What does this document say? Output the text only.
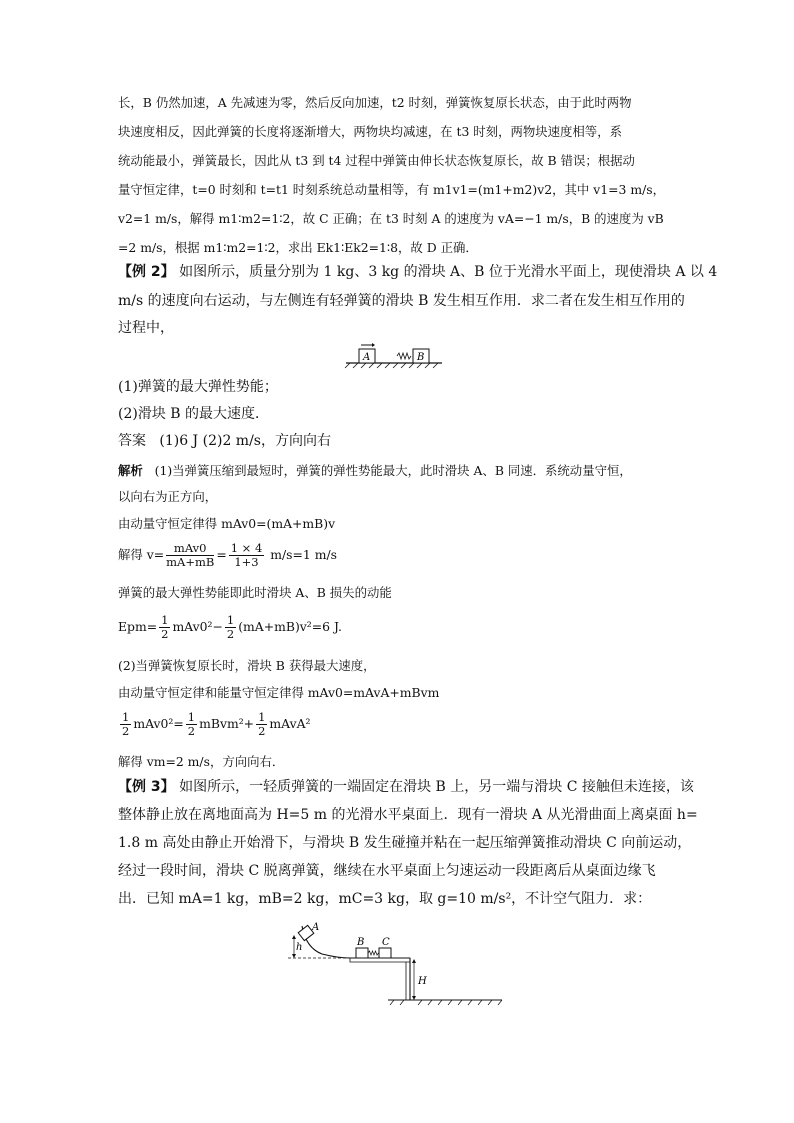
长，B 仍然加速，A 先减速为零，然后反向加速，t2 时刻，弹簧恢复原长状态，由于此时两物
块速度相反，因此弹簧的长度将逐渐增大，两物块均减速，在 t3 时刻，两物块速度相等，系
统动能最小，弹簧最长，因此从 t3 到 t4 过程中弹簧由伸长状态恢复原长，故 B 错误；根据动
量守恒定律，t=0 时刻和 t=t1 时刻系统总动量相等，有 m1v1=(m1+m2)v2，其中 v1=3 m/s，
v2=1 m/s，解得 m1∶m2=1∶2，故 C 正确；在 t3 时刻 A 的速度为 vA=−1 m/s，B 的速度为 vB
=2 m/s，根据 m1∶m2=1∶2，求出 Ek1∶Ek2=1∶8，故 D 正确．
【例 2】 如图所示，质量分别为 1 kg、3 kg 的滑块 A、B 位于光滑水平面上，现使滑块 A 以 4
m/s 的速度向右运动，与左侧连有轻弹簧的滑块 B 发生相互作用．求二者在发生相互作用的
过程中，
A	B
(1)弹簧的最大弹性势能；
(2)滑块 B 的最大速度．
答案 (1)6 J (2)2 m/s，方向向右
解析 (1)当弹簧压缩到最短时，弹簧的弹性势能最大，此时滑块 A、B 同速．系统动量守恒，
以向右为正方向，
由动量守恒定律得 mAv0=(mA+mB)v
解得 $v= \frac{\text{mAv0}}{mA+mB} = \frac{1 \times 4}{1+3} m/s=1$ m/s
弹簧的最大弹性势能即此时滑块 A、B 损失的动能
$Epm= \frac{1}{2} mAv0^2- \frac{1}{2} (mA+mB)v^2=6$ J.
(2)当弹簧恢复原长时，滑块 B 获得最大速度，
由动量守恒定律和能量守恒定律得 mAv0=mAvA+mBvm
$\frac{1}{2} mAv0^2= \frac{1}{2}$ mBvm²+ $\frac{1}{2}$ mAvA²
解得 vm=2 m/s，方向向右．
【例 3】 如图所示，一轻质弹簧的一端固定在滑块 B 上，另一端与滑块 C 接触但未连接，该
整体静止放在离地面高为 H=5 m 的光滑水平桌面上．现有一滑块 A 从光滑曲面上离桌面 h=
1.8 m 高处由静止开始滑下，与滑块 B 发生碰撞并粘在一起压缩弹簧推动滑块 C 向前运动，
经过一段时间，滑块 C 脱离弹簧，继续在水平桌面上匀速运动一段距离后从桌面边缘飞
出．已知 mA=1 kg，mB=2 kg，mC=3 kg，取 g=10 m/s²，不计空气阻力．求：
h
A
B C
H
